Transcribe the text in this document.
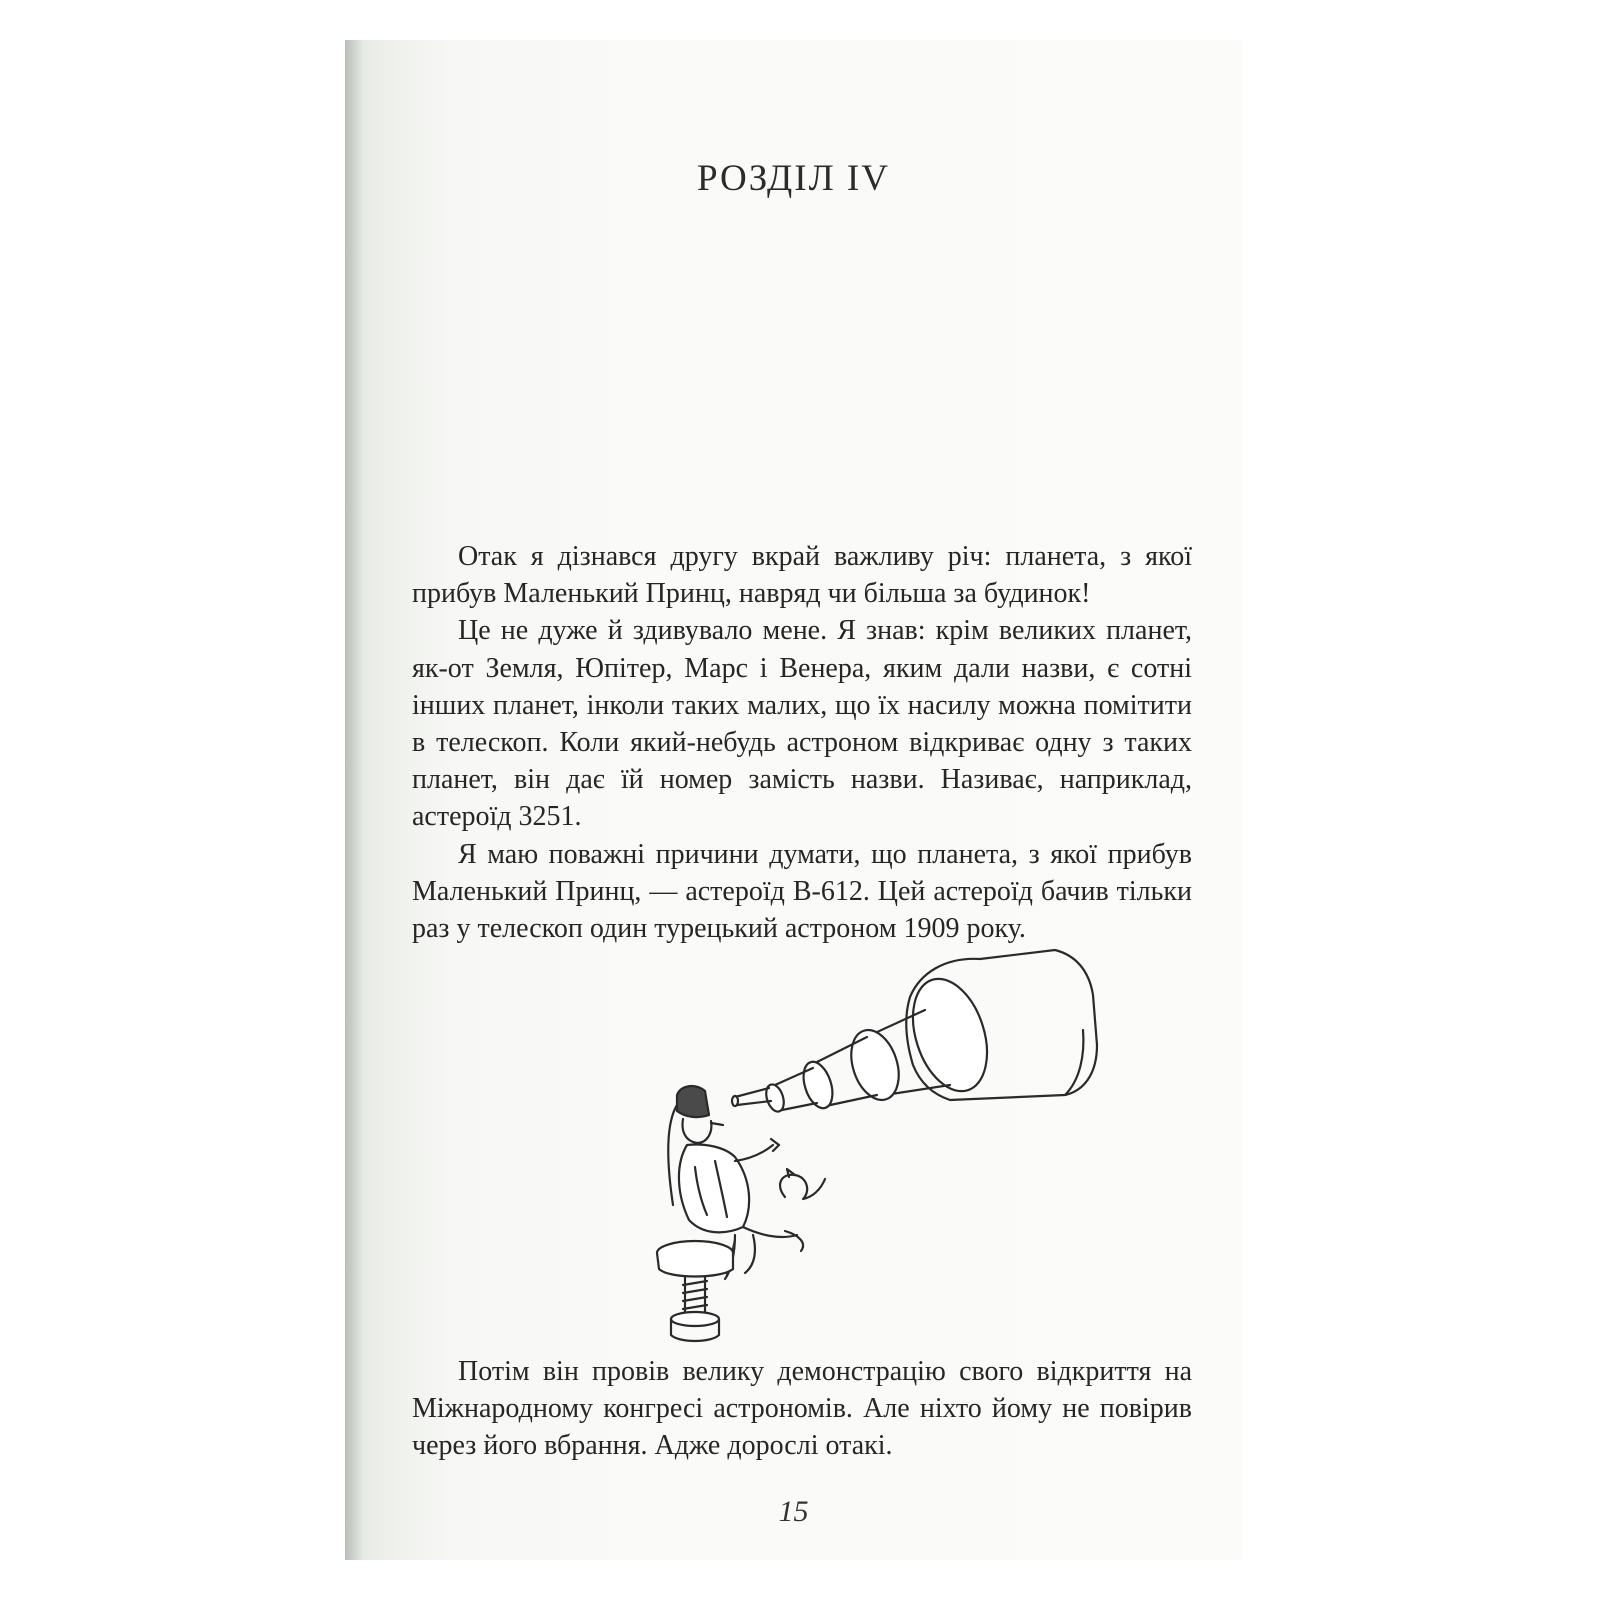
РОЗДІЛ IV

Отак я дізнався другу вкрай важливу річ: планета, з якої прибув Маленький Принц, навряд чи більша за будинок!

Це не дуже й здивувало мене. Я знав: крім великих планет, як-от Земля, Юпітер, Марс і Венера, яким дали назви, є сотні інших планет, інколи таких малих, що їх насилу можна помітити в телескоп. Коли який-небудь астроном відкриває одну з таких планет, він дає їй номер замість назви. Називає, наприклад, астероїд 3251.

Я маю поважні причини думати, що планета, з якої прибув Маленький Принц, — астероїд B-612. Цей астероїд бачив тільки раз у телескоп один турецький астроном 1909 року.

Потім він провів велику демонстрацію свого відкриття на Міжнародному конгресі астрономів. Але ніхто йому не повірив через його вбрання. Адже дорослі отакі.

15
